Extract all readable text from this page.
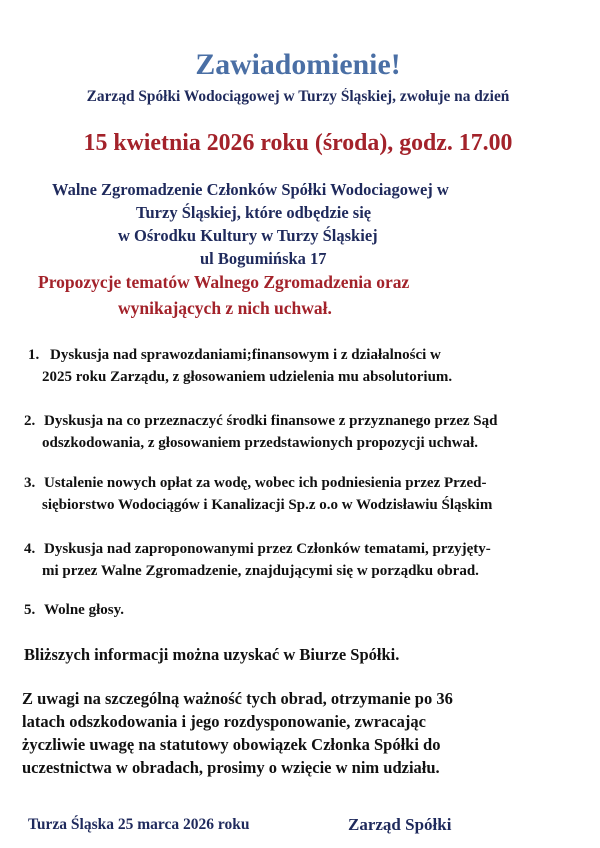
Zawiadomienie!
Zarząd Spółki Wodociągowej w Turzy Śląskiej, zwołuje na dzień
15 kwietnia 2026 roku (środa), godz. 17.00
Walne Zgromadzenie Członków Spółki Wodociagowej w
Turzy Śląskiej, które odbędzie się
w Ośrodku Kultury w Turzy Śląskiej
ul Bogumińska 17
Propozycje tematów Walnego Zgromadzenia oraz
wynikających z nich uchwał.
1. Dyskusja nad sprawozdaniami;finansowym i z działalności w
2025 roku Zarządu, z głosowaniem udzielenia mu absolutorium.
2. Dyskusja na co przeznaczyć środki finansowe z przyznanego przez Sąd
odszkodowania, z głosowaniem przedstawionych propozycji uchwał.
3. Ustalenie nowych opłat za wodę, wobec ich podniesienia przez Przed-
siębiorstwo Wodociągów i Kanalizacji Sp.z o.o w Wodzisławiu Śląskim
4. Dyskusja nad zaproponowanymi przez Członków tematami, przyjęty-
mi przez Walne Zgromadzenie, znajdującymi się w porządku obrad.
5. Wolne głosy.
Bliższych informacji można uzyskać w Biurze Spółki.
Z uwagi na szczególną ważność tych obrad, otrzymanie po 36
latach odszkodowania i jego rozdysponowanie, zwracając
życzliwie uwagę na statutowy obowiązek Członka Spółki do
uczestnictwa w obradach, prosimy o wzięcie w nim udziału.
Turza Śląska 25 marca 2026 roku	Zarząd Spółki
